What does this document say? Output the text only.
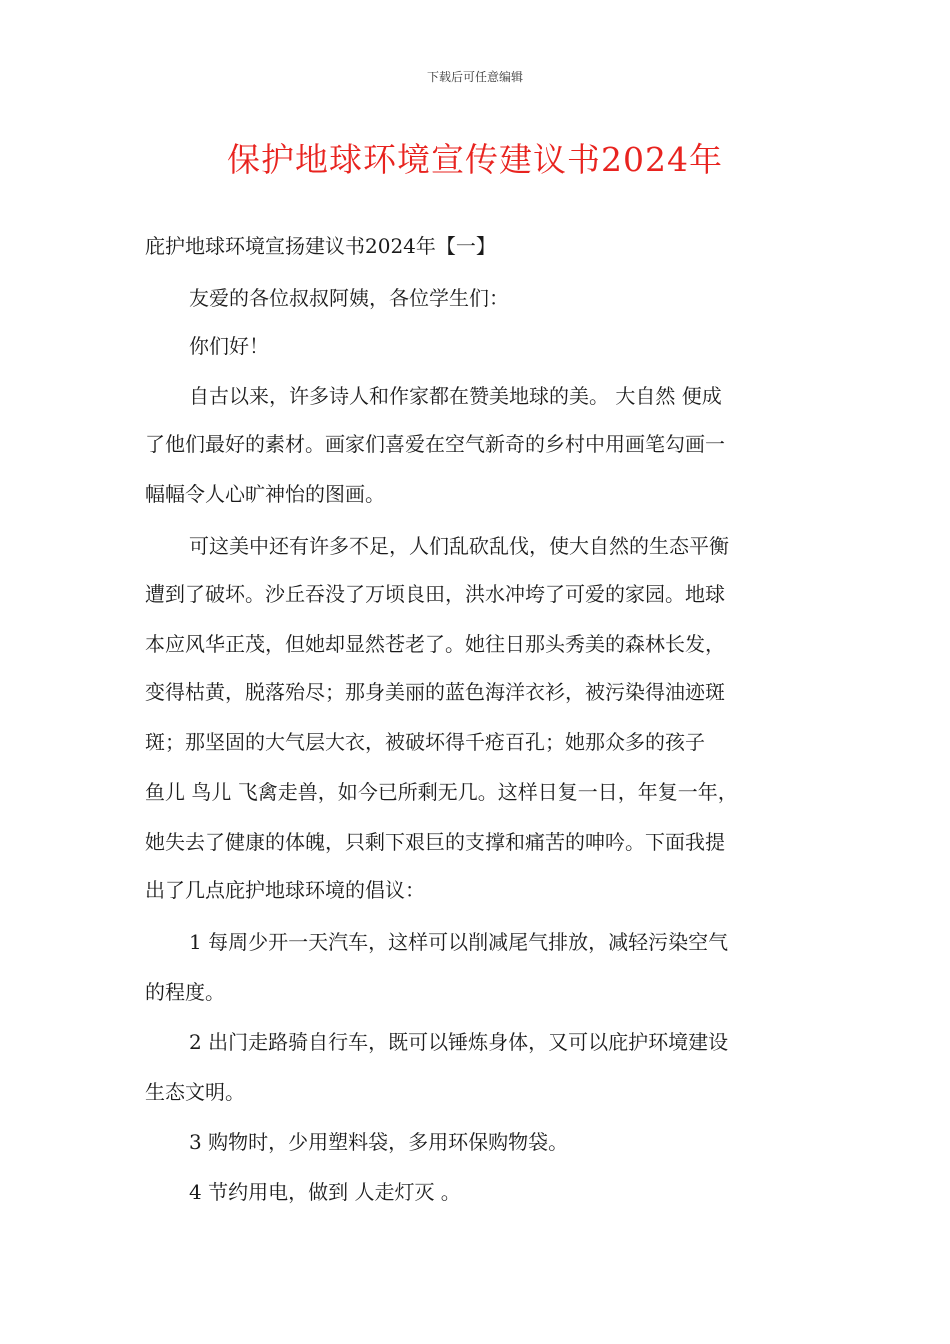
下载后可任意编辑
保护地球环境宣传建议书2024年
庇护地球环境宣扬建议书2024年【一】
友爱的各位叔叔阿姨，各位学生们：
你们好！
自古以来，许多诗人和作家都在赞美地球的美。 大自然 便成
了他们最好的素材。画家们喜爱在空气新奇的乡村中用画笔勾画一
幅幅令人心旷神怡的图画。
可这美中还有许多不足，人们乱砍乱伐，使大自然的生态平衡
遭到了破坏。沙丘吞没了万顷良田，洪水冲垮了可爱的家园。地球
本应风华正茂，但她却显然苍老了。她往日那头秀美的森林长发，
变得枯黄，脱落殆尽；那身美丽的蓝色海洋衣衫，被污染得油迹斑
斑；那坚固的大气层大衣，被破坏得千疮百孔；她那众多的孩子
鱼儿 鸟儿 飞禽走兽，如今已所剩无几。这样日复一日，年复一年，
她失去了健康的体魄，只剩下艰巨的支撑和痛苦的呻吟。下面我提
出了几点庇护地球环境的倡议：
1 每周少开一天汽车，这样可以削减尾气排放，减轻污染空气
的程度。
2 出门走路骑自行车，既可以锤炼身体，又可以庇护环境建设
生态文明。
3 购物时，少用塑料袋，多用环保购物袋。
4 节约用电，做到 人走灯灭 。
